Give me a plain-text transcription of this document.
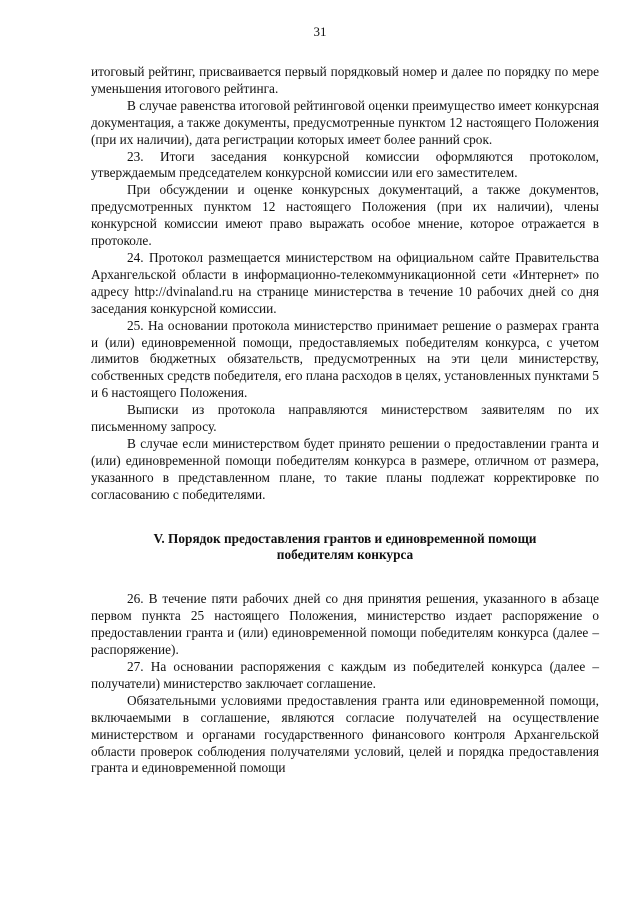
31

итоговый рейтинг, присваивается первый порядковый номер и далее по порядку по мере уменьшения итогового рейтинга.

В случае равенства итоговой рейтинговой оценки преимущество имеет конкурсная документация, а также документы, предусмотренные пунктом 12 настоящего Положения (при их наличии), дата регистрации которых имеет более ранний срок.

23. Итоги заседания конкурсной комиссии оформляются протоколом, утверждаемым председателем конкурсной комиссии или его заместителем.

При обсуждении и оценке конкурсных документаций, а также документов, предусмотренных пунктом 12 настоящего Положения (при их наличии), члены конкурсной комиссии имеют право выражать особое мнение, которое отражается в протоколе.

24. Протокол размещается министерством на официальном сайте Правительства Архангельской области в информационно-телекоммуникационной сети «Интернет» по адресу http://dvinaland.ru на странице министерства в течение 10 рабочих дней со дня заседания конкурсной комиссии.

25. На основании протокола министерство принимает решение о размерах гранта и (или) единовременной помощи, предоставляемых победителям конкурса, с учетом лимитов бюджетных обязательств, предусмотренных на эти цели министерству, собственных средств победителя, его плана расходов в целях, установленных пунктами 5 и 6 настоящего Положения.

Выписки из протокола направляются министерством заявителям по их письменному запросу.

В случае если министерством будет принято решении о предоставлении гранта и (или) единовременной помощи победителям конкурса в размере, отличном от размера, указанного в представленном плане, то такие планы подлежат корректировке по согласованию с победителями.

V. Порядок предоставления грантов и единовременной помощи
победителям конкурса

26. В течение пяти рабочих дней со дня принятия решения, указанного в абзаце первом пункта 25 настоящего Положения, министерство издает распоряжение о предоставлении гранта и (или) единовременной помощи победителям конкурса (далее – распоряжение).

27. На основании распоряжения с каждым из победителей конкурса (далее – получатели) министерство заключает соглашение.

Обязательными условиями предоставления гранта или единовременной помощи, включаемыми в соглашение, являются согласие получателей на осуществление министерством и органами государственного финансового контроля Архангельской области проверок соблюдения получателями условий, целей и порядка предоставления гранта и единовременной помощи
